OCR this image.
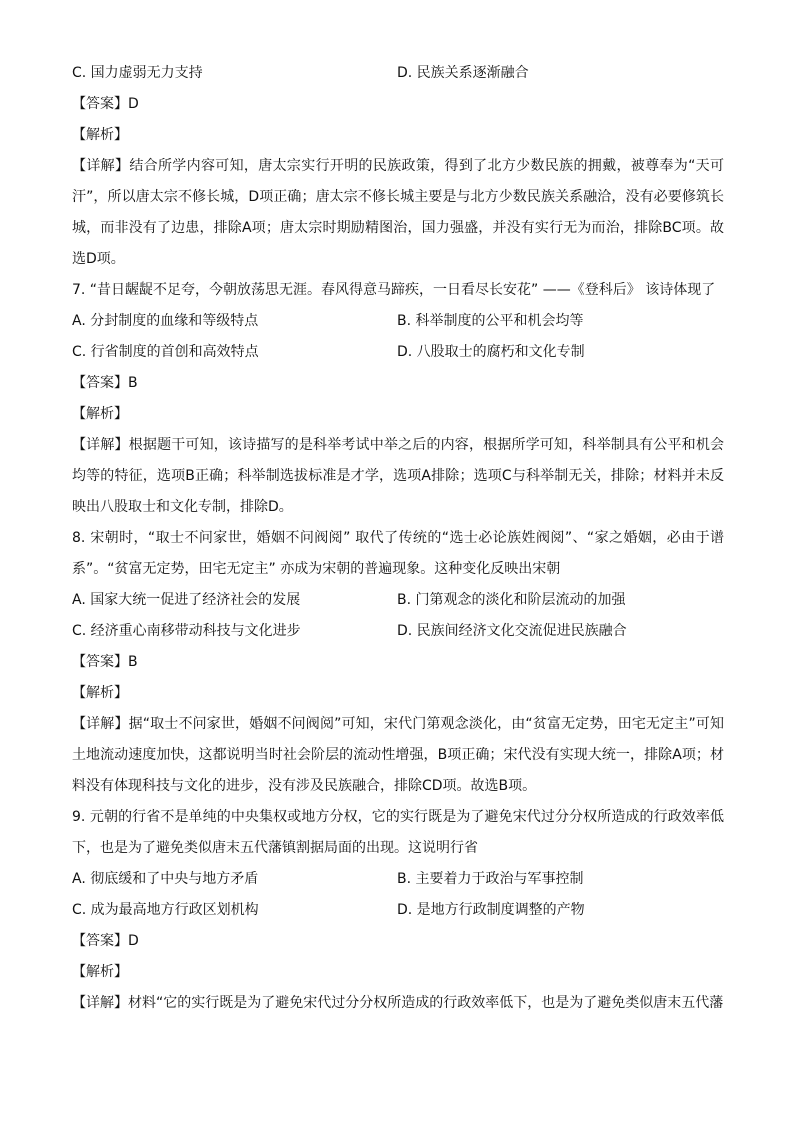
C. 国力虚弱无力支持	D. 民族关系逐渐融合
【答案】D
【解析】
【详解】结合所学内容可知，唐太宗实行开明的民族政策，得到了北方少数民族的拥戴，被尊奉为“天可汗”，所以唐太宗不修长城，D项正确；唐太宗不修长城主要是与北方少数民族关系融洽，没有必要修筑长城，而非没有了边患，排除A项；唐太宗时期励精图治，国力强盛，并没有实行无为而治，排除BC项。故选D项。
7. “昔日龌龊不足夸，今朝放荡思无涯。春风得意马蹄疾，一日看尽长安花” ——《登科后》 该诗体现了
A. 分封制度的血缘和等级特点	B. 科举制度的公平和机会均等
C. 行省制度的首创和高效特点	D. 八股取士的腐朽和文化专制
【答案】B
【解析】
【详解】根据题干可知，该诗描写的是科举考试中举之后的内容，根据所学可知，科举制具有公平和机会均等的特征，选项B正确；科举制选拔标准是才学，选项A排除；选项C与科举制无关，排除；材料并未反映出八股取士和文化专制，排除D。
8. 宋朝时，“取士不问家世，婚姻不问阀阅” 取代了传统的“选士必论族姓阀阅”、“家之婚姻，必由于谱系”。“贫富无定势，田宅无定主” 亦成为宋朝的普遍现象。这种变化反映出宋朝
A. 国家大统一促进了经济社会的发展	B. 门第观念的淡化和阶层流动的加强
C. 经济重心南移带动科技与文化进步	D. 民族间经济文化交流促进民族融合
【答案】B
【解析】
【详解】据“取士不问家世，婚姻不问阀阅”可知，宋代门第观念淡化，由“贫富无定势，田宅无定主”可知土地流动速度加快，这都说明当时社会阶层的流动性增强，B项正确；宋代没有实现大统一，排除A项；材料没有体现科技与文化的进步，没有涉及民族融合，排除CD项。故选B项。
9. 元朝的行省不是单纯的中央集权或地方分权，它的实行既是为了避免宋代过分分权所造成的行政效率低下，也是为了避免类似唐末五代藩镇割据局面的出现。这说明行省
A. 彻底缓和了中央与地方矛盾	B. 主要着力于政治与军事控制
C. 成为最高地方行政区划机构	D. 是地方行政制度调整的产物
【答案】D
【解析】
【详解】材料“它的实行既是为了避免宋代过分分权所造成的行政效率低下，也是为了避免类似唐末五代藩
